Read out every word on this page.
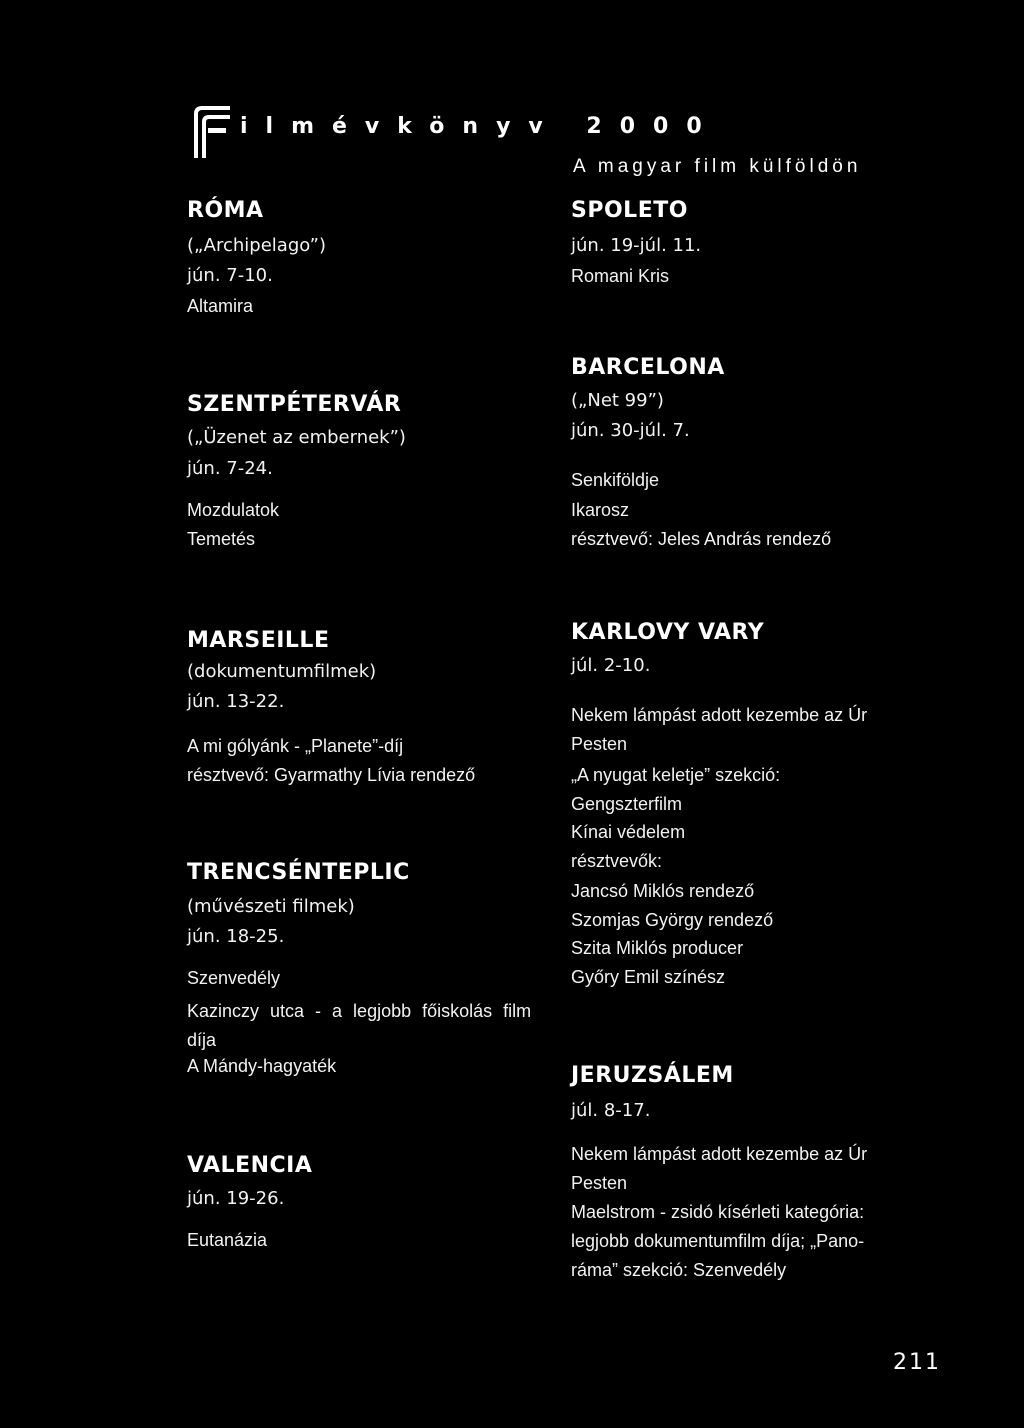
ilmévkönyv 2000
A magyar film külföldön
RÓMA
(„Archipelago”)
jún. 7-10.
Altamira
SZENTPÉTERVÁR
(„Üzenet az embernek”)
jún. 7-24.
Mozdulatok
Temetés
MARSEILLE
(dokumentumfilmek)
jún. 13-22.
A mi gólyánk - „Planete”-díj
résztvevő: Gyarmathy Lívia rendező
TRENCSÉNTEPLIC
(művészeti filmek)
jún. 18-25.
Szenvedély
Kazinczy utca - a legjobb főiskolás film díja
A Mándy-hagyaték
VALENCIA
jún. 19-26.
Eutanázia
SPOLETO
jún. 19-júl. 11.
Romani Kris
BARCELONA
(„Net 99”)
jún. 30-júl. 7.
Senkiföldje
Ikarosz
résztvevő: Jeles András rendező
KARLOVY VARY
júl. 2-10.
Nekem lámpást adott kezembe az Úr
Pesten
„A nyugat keletje” szekció:
Gengszterfilm
Kínai védelem
résztvevők:
Jancsó Miklós rendező
Szomjas György rendező
Szita Miklós producer
Győry Emil színész
JERUZSÁLEM
júl. 8-17.
Nekem lámpást adott kezembe az Úr
Pesten
Maelstrom - zsidó kísérleti kategória:
legjobb dokumentumfilm díja; „Pano-
ráma” szekció: Szenvedély
211
